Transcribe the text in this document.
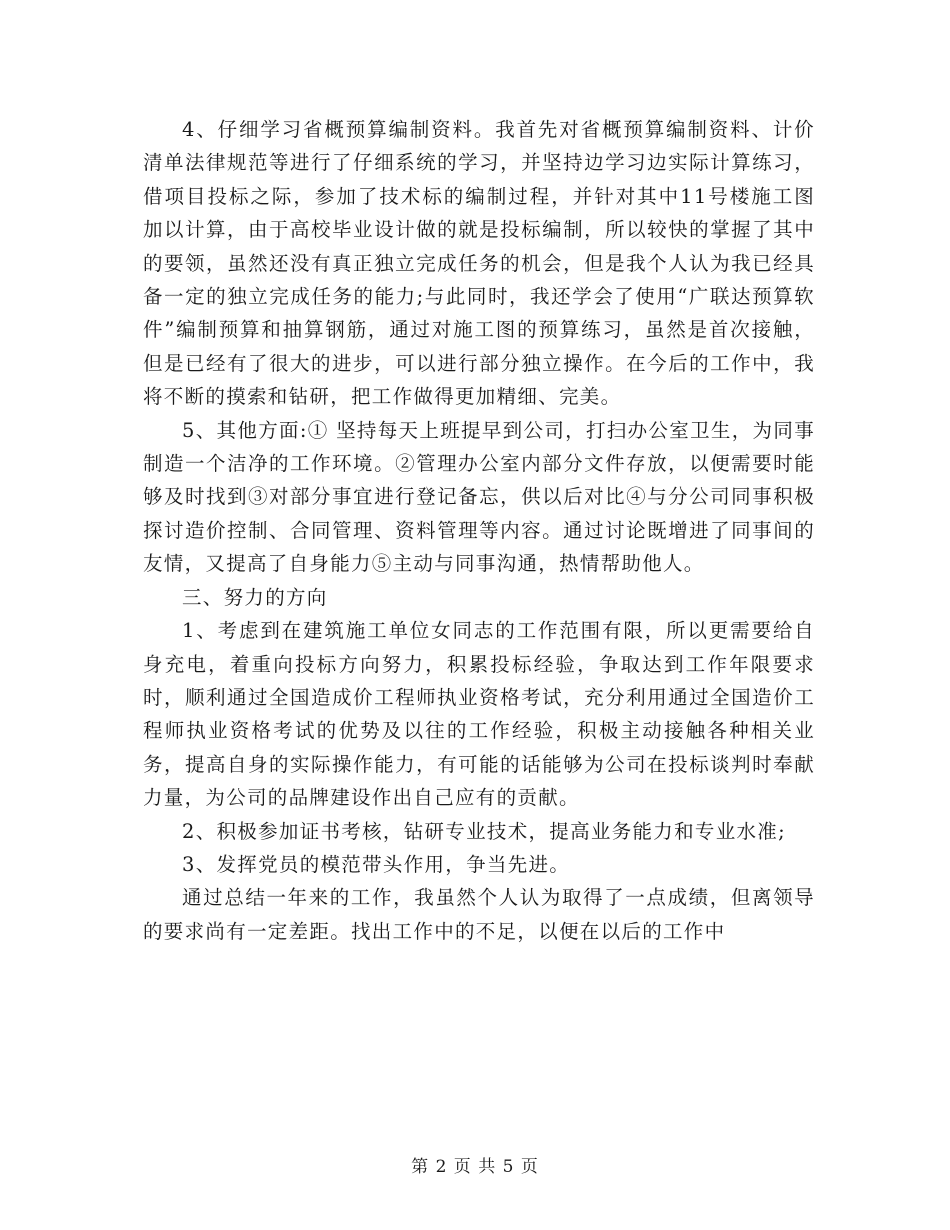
4、仔细学习省概预算编制资料。我首先对省概预算编制资料、计价清单法律规范等进行了仔细系统的学习，并坚持边学习边实际计算练习，借项目投标之际，参加了技术标的编制过程，并针对其中11号楼施工图加以计算，由于高校毕业设计做的就是投标编制，所以较快的掌握了其中的要领，虽然还没有真正独立完成任务的机会，但是我个人认为我已经具备一定的独立完成任务的能力;与此同时，我还学会了使用“广联达预算软件”编制预算和抽算钢筋，通过对施工图的预算练习，虽然是首次接触，但是已经有了很大的进步，可以进行部分独立操作。在今后的工作中，我将不断的摸索和钻研，把工作做得更加精细、完美。

5、其他方面:① 坚持每天上班提早到公司，打扫办公室卫生，为同事制造一个洁净的工作环境。②管理办公室内部分文件存放，以便需要时能够及时找到③对部分事宜进行登记备忘，供以后对比④与分公司同事积极探讨造价控制、合同管理、资料管理等内容。通过讨论既增进了同事间的友情，又提高了自身能力⑤主动与同事沟通，热情帮助他人。

三、努力的方向

1、考虑到在建筑施工单位女同志的工作范围有限，所以更需要给自身充电，着重向投标方向努力，积累投标经验，争取达到工作年限要求时，顺利通过全国造成价工程师执业资格考试，充分利用通过全国造价工程师执业资格考试的优势及以往的工作经验，积极主动接触各种相关业务，提高自身的实际操作能力，有可能的话能够为公司在投标谈判时奉献力量，为公司的品牌建设作出自己应有的贡献。

2、积极参加证书考核，钻研专业技术，提高业务能力和专业水准;

3、发挥党员的模范带头作用，争当先进。

通过总结一年来的工作，我虽然个人认为取得了一点成绩，但离领导的要求尚有一定差距。找出工作中的不足，以便在以后的工作中

第 2 页 共 5 页
